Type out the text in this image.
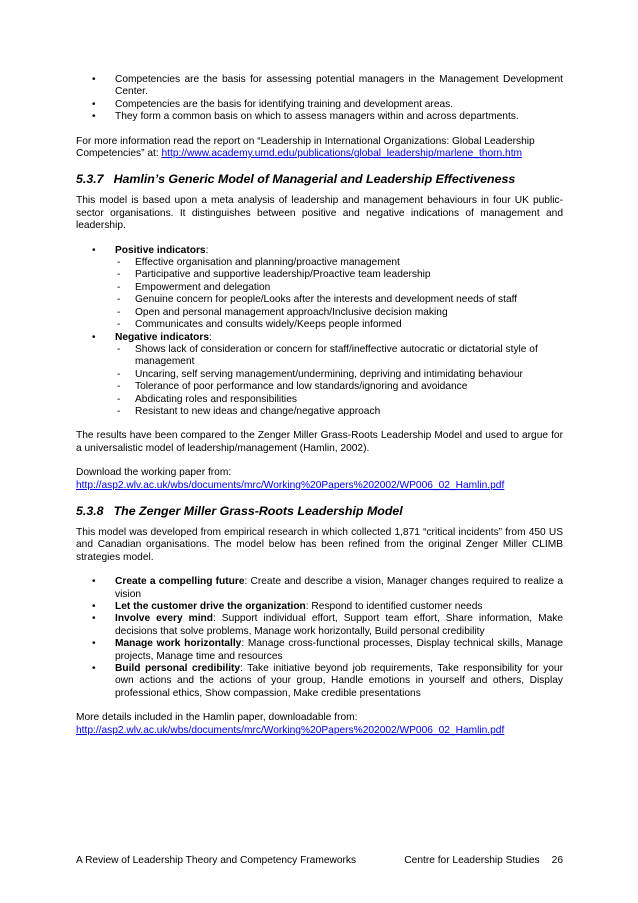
• Competencies are the basis for assessing potential managers in the Management Development Center.
• Competencies are the basis for identifying training and development areas.
• They form a common basis on which to assess managers within and across departments.

For more information read the report on “Leadership in International Organizations: Global Leadership Competencies” at: http://www.academy.umd.edu/publications/global_leadership/marlene_thorn.htm

5.3.7 Hamlin’s Generic Model of Managerial and Leadership Effectiveness

This model is based upon a meta analysis of leadership and management behaviours in four UK public-sector organisations. It distinguishes between positive and negative indications of management and leadership.

• Positive indicators:
- Effective organisation and planning/proactive management
- Participative and supportive leadership/Proactive team leadership
- Empowerment and delegation
- Genuine concern for people/Looks after the interests and development needs of staff
- Open and personal management approach/Inclusive decision making
- Communicates and consults widely/Keeps people informed
• Negative indicators:
- Shows lack of consideration or concern for staff/ineffective autocratic or dictatorial style of management
- Uncaring, self serving management/undermining, depriving and intimidating behaviour
- Tolerance of poor performance and low standards/ignoring and avoidance
- Abdicating roles and responsibilities
- Resistant to new ideas and change/negative approach

The results have been compared to the Zenger Miller Grass-Roots Leadership Model and used to argue for a universalistic model of leadership/management (Hamlin, 2002).

Download the working paper from:

http://asp2.wlv.ac.uk/wbs/documents/mrc/Working%20Papers%202002/WP006_02_Hamlin.pdf

5.3.8 The Zenger Miller Grass-Roots Leadership Model

This model was developed from empirical research in which collected 1,871 “critical incidents” from 450 US and Canadian organisations. The model below has been refined from the original Zenger Miller CLIMB strategies model.

• Create a compelling future: Create and describe a vision, Manager changes required to realize a vision
• Let the customer drive the organization: Respond to identified customer needs
• Involve every mind: Support individual effort, Support team effort, Share information, Make decisions that solve problems, Manage work horizontally, Build personal credibility
• Manage work horizontally: Manage cross-functional processes, Display technical skills, Manage projects, Manage time and resources
• Build personal credibility: Take initiative beyond job requirements, Take responsibility for your own actions and the actions of your group, Handle emotions in yourself and others, Display professional ethics, Show compassion, Make credible presentations

More details included in the Hamlin paper, downloadable from:

http://asp2.wlv.ac.uk/wbs/documents/mrc/Working%20Papers%202002/WP006_02_Hamlin.pdf

A Review of Leadership Theory and Competency Frameworks	Centre for Leadership Studies 26
